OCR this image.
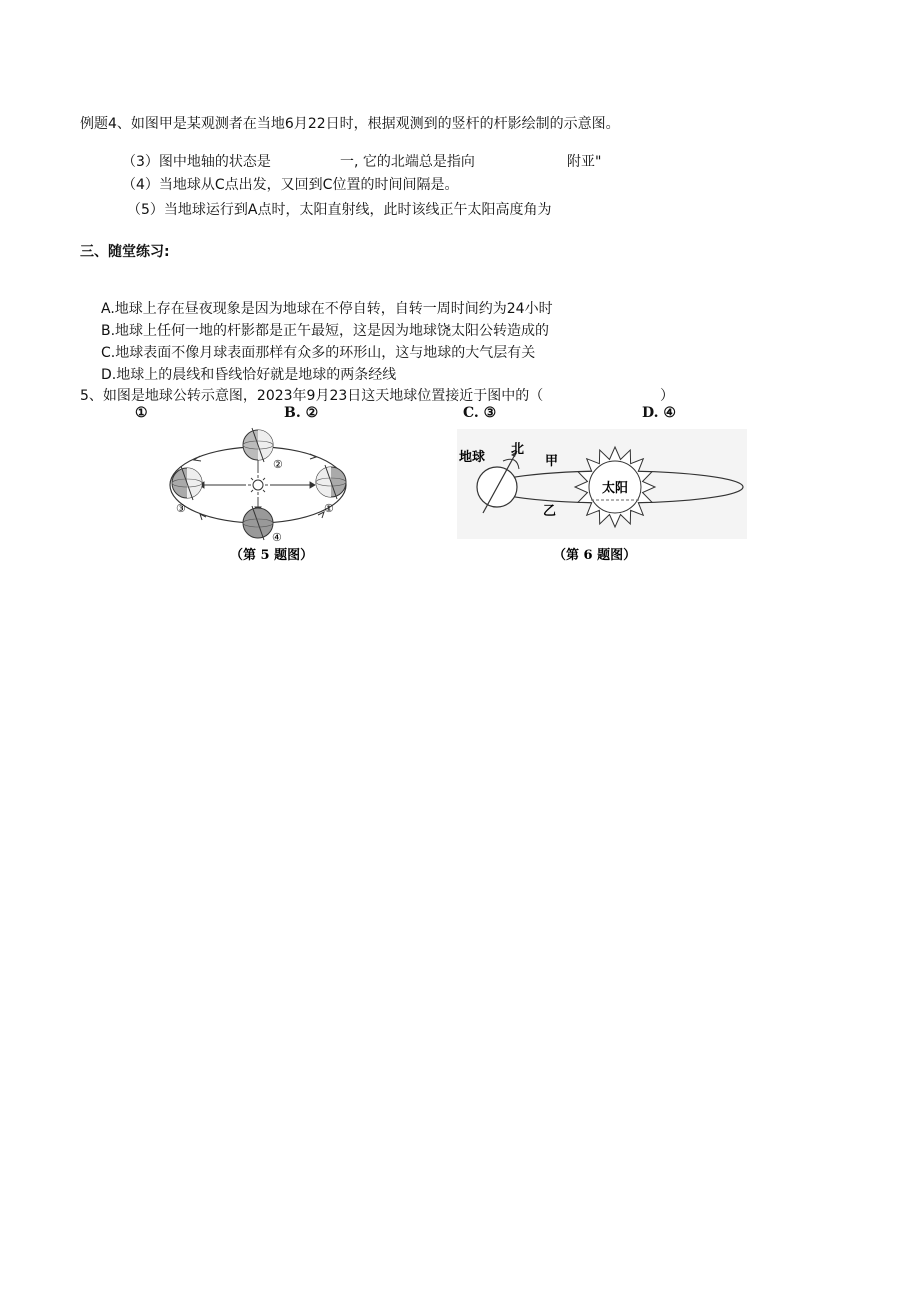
例题4、如图甲是某观测者在当地6月22日时，根据观测到的竖杆的杆影绘制的示意图。
（3）图中地轴的状态是	一, 它的北端总是指向	附亚"
（4）当地球从C点出发，又回到C位置的时间间隔是。
（5）当地球运行到A点时，太阳直射线，此时该线正午太阳高度角为
三、随堂练习:
A.地球上存在昼夜现象是因为地球在不停自转，自转一周时间约为24小时
B.地球上任何一地的杆影都是正午最短，这是因为地球饶太阳公转造成的
C.地球表面不像月球表面那样有众多的环形山，这与地球的大气层有关
D.地球上的晨线和昏线恰好就是地球的两条经线
5、如图是地球公转示意图，2023年9月23日这天地球位置接近于图中的（	）
①	B. ②	C. ③	D. ④
②
①
③
④
（第 5 题图）
太阳
地球
北
甲
乙
（第 6 题图）
